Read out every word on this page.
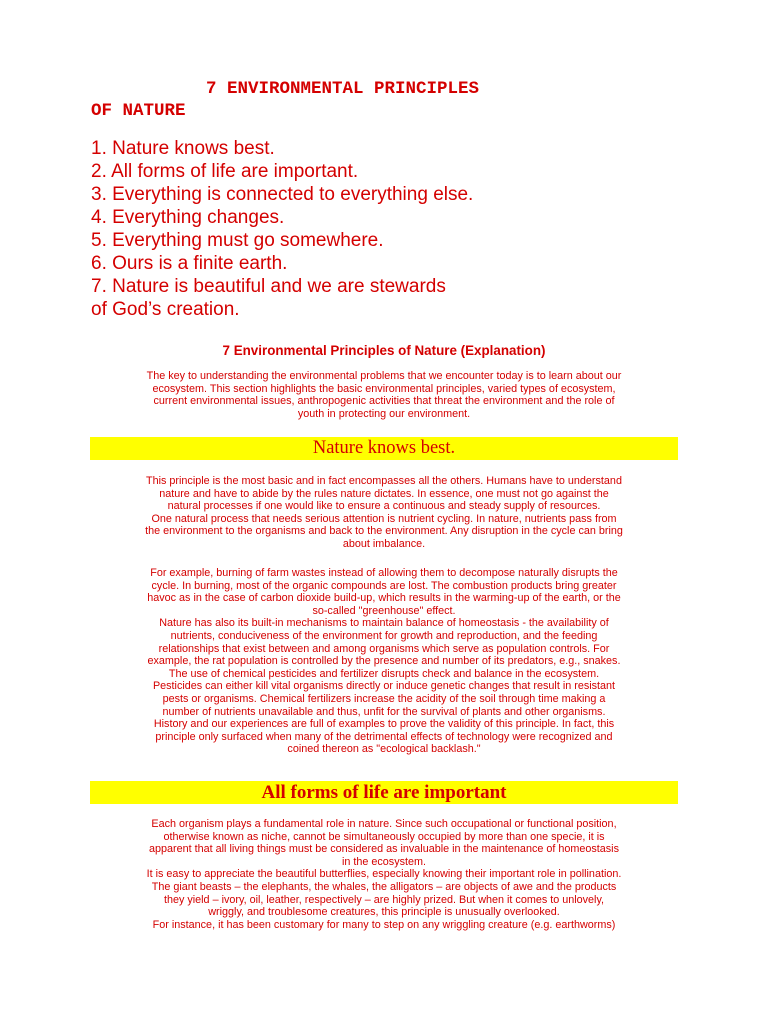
7 ENVIRONMENTAL PRINCIPLES
OF NATURE
1. Nature knows best.
2. All forms of life are important.
3. Everything is connected to everything else.
4. Everything changes.
5. Everything must go somewhere.
6. Ours is a finite earth.
7. Nature is beautiful and we are stewards
of God’s creation.
7 Environmental Principles of Nature (Explanation)

The key to understanding the environmental problems that we encounter today is to learn about our
ecosystem. This section highlights the basic environmental principles, varied types of ecosystem,
current environmental issues, anthropogenic activities that threat the environment and the role of
youth in protecting our environment.

Nature knows best.

This principle is the most basic and in fact encompasses all the others. Humans have to understand
nature and have to abide by the rules nature dictates. In essence, one must not go against the
natural processes if one would like to ensure a continuous and steady supply of resources.
One natural process that needs serious attention is nutrient cycling. In nature, nutrients pass from
the environment to the organisms and back to the environment. Any disruption in the cycle can bring
about imbalance.

For example, burning of farm wastes instead of allowing them to decompose naturally disrupts the
cycle. In burning, most of the organic compounds are lost. The combustion products bring greater
havoc as in the case of carbon dioxide build-up, which results in the warming-up of the earth, or the
so-called "greenhouse" effect.
Nature has also its built-in mechanisms to maintain balance of homeostasis - the availability of
nutrients, conduciveness of the environment for growth and reproduction, and the feeding
relationships that exist between and among organisms which serve as population controls. For
example, the rat population is controlled by the presence and number of its predators, e.g., snakes.
The use of chemical pesticides and fertilizer disrupts check and balance in the ecosystem.
Pesticides can either kill vital organisms directly or induce genetic changes that result in resistant
pests or organisms. Chemical fertilizers increase the acidity of the soil through time making a
number of nutrients unavailable and thus, unfit for the survival of plants and other organisms.
History and our experiences are full of examples to prove the validity of this principle. In fact, this
principle only surfaced when many of the detrimental effects of technology were recognized and
coined thereon as "ecological backlash."

All forms of life are important

Each organism plays a fundamental role in nature. Since such occupational or functional position,
otherwise known as niche, cannot be simultaneously occupied by more than one specie, it is
apparent that all living things must be considered as invaluable in the maintenance of homeostasis
in the ecosystem.
It is easy to appreciate the beautiful butterflies, especially knowing their important role in pollination.
The giant beasts – the elephants, the whales, the alligators – are objects of awe and the products
they yield – ivory, oil, leather, respectively – are highly prized. But when it comes to unlovely,
wriggly, and troublesome creatures, this principle is unusually overlooked.
For instance, it has been customary for many to step on any wriggling creature (e.g. earthworms)
